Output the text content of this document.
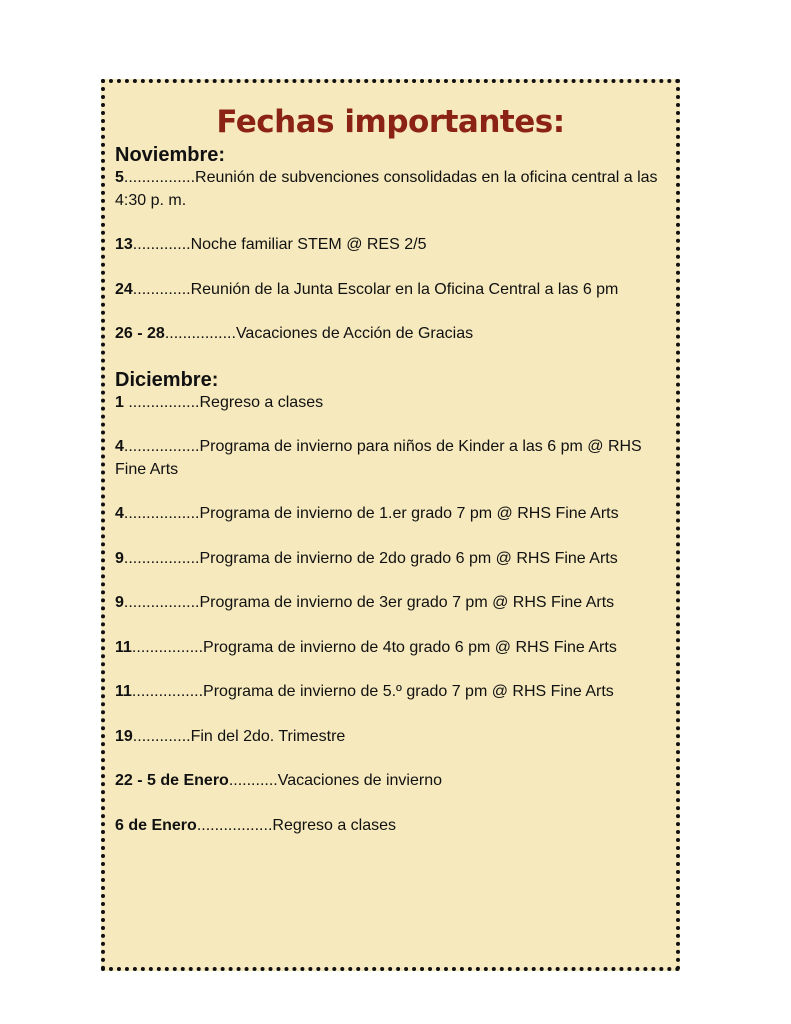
Fechas importantes:
Noviembre:

5................Reunión de subvenciones consolidadas en la oficina central a las 4:30 p. m.

13.............Noche familiar STEM @ RES 2/5

24.............Reunión de la Junta Escolar en la Oficina Central a las 6 pm

26 - 28................Vacaciones de Acción de Gracias

Diciembre:

1 ................Regreso a clases

4.................Programa de invierno para niños de Kinder a las 6 pm @ RHS Fine Arts

4.................Programa de invierno de 1.er grado 7 pm @ RHS Fine Arts

9.................Programa de invierno de 2do grado 6 pm @ RHS Fine Arts

9.................Programa de invierno de 3er grado 7 pm @ RHS Fine Arts

11................Programa de invierno de 4to grado 6 pm @ RHS Fine Arts

11................Programa de invierno de 5.º grado 7 pm @ RHS Fine Arts

19.............Fin del 2do. Trimestre

22 - 5 de Enero...........Vacaciones de invierno

6 de Enero.................Regreso a clases
